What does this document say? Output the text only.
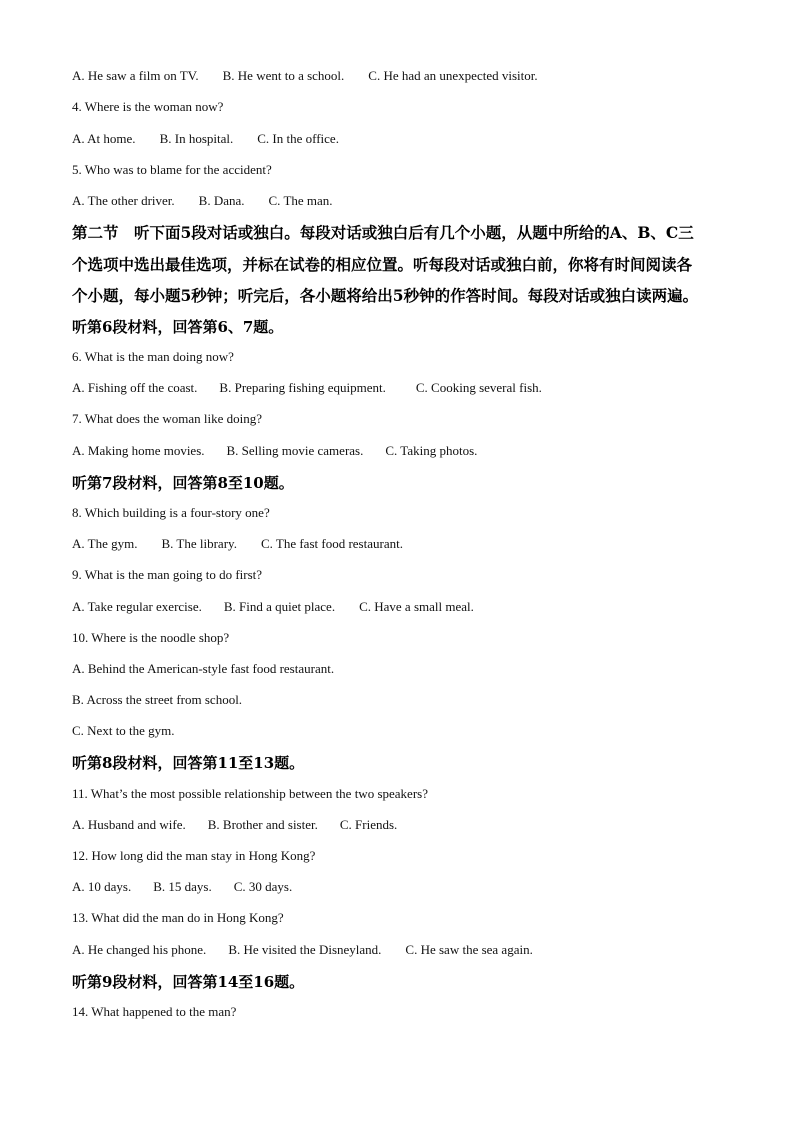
A. He saw a film on TV. B. He went to a school. C. He had an unexpected visitor.
4. Where is the woman now?
A. At home. B. In hospital. C. In the office.
5. Who was to blame for the accident?
A. The other driver. B. Dana. C. The man.
第二节　听下面5段对话或独白。每段对话或独白后有几个小题，从题中所给的A、B、C三
个选项中选出最佳选项，并标在试卷的相应位置。听每段对话或独白前，你将有时间阅读各
个小题，每小题5秒钟；听完后，各小题将给出5秒钟的作答时间。每段对话或独白读两遍。
听第6段材料，回答第6、7题。
6. What is the man doing now?
A. Fishing off the coast. B. Preparing fishing equipment. C. Cooking several fish.
7. What does the woman like doing?
A. Making home movies. B. Selling movie cameras. C. Taking photos.
听第7段材料，回答第8至10题。
8. Which building is a four-story one?
A. The gym. B. The library. C. The fast food restaurant.
9. What is the man going to do first?
A. Take regular exercise. B. Find a quiet place. C. Have a small meal.
10. Where is the noodle shop?
A. Behind the American-style fast food restaurant.
B. Across the street from school.
C. Next to the gym.
听第8段材料，回答第11至13题。
11. What’s the most possible relationship between the two speakers?
A. Husband and wife. B. Brother and sister. C. Friends.
12. How long did the man stay in Hong Kong?
A. 10 days. B. 15 days. C. 30 days.
13. What did the man do in Hong Kong?
A. He changed his phone. B. He visited the Disneyland. C. He saw the sea again.
听第9段材料，回答第14至16题。
14. What happened to the man?
